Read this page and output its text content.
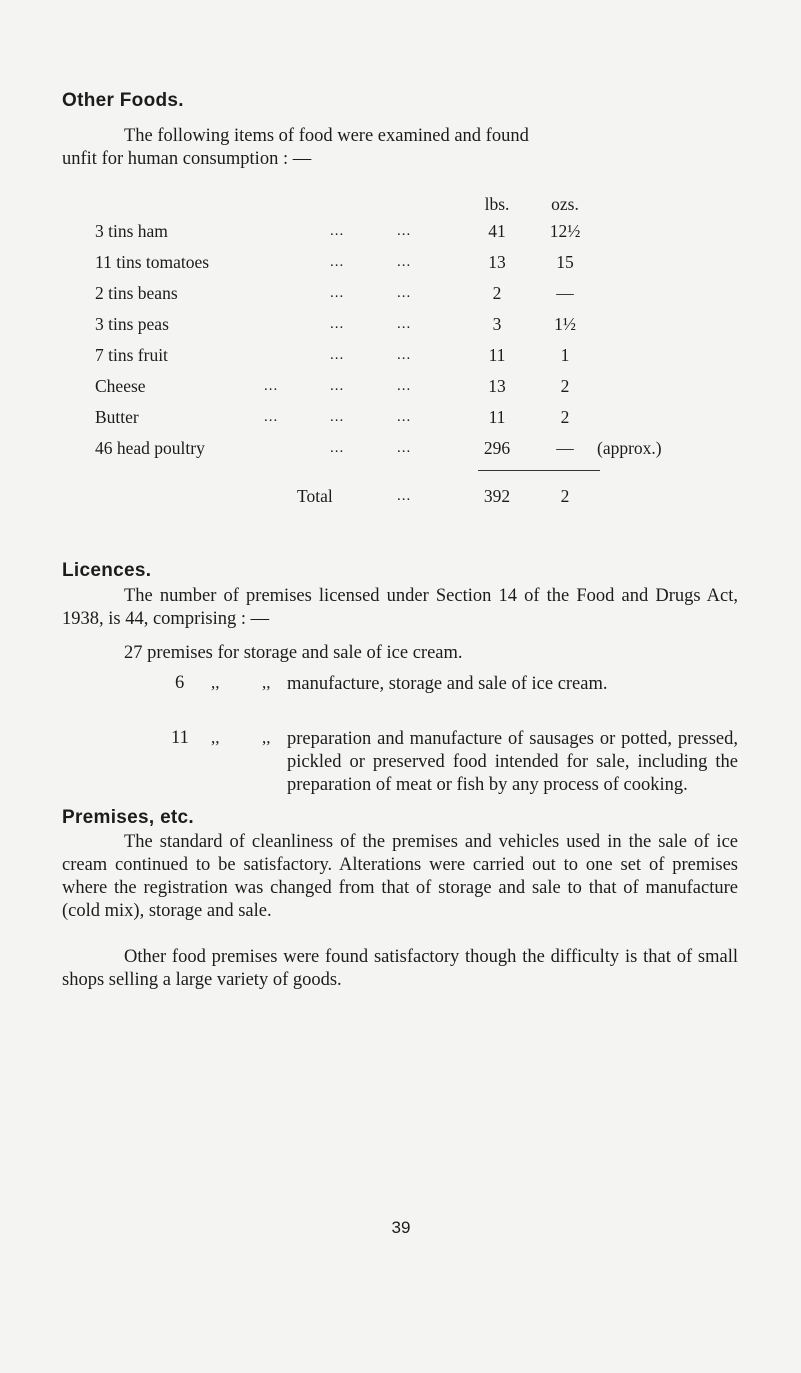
Other Foods.

The following items of food were examined and found

unfit for human consumption : —

lbs.	ozs.
3 tins ham	...	...	41	12½
11 tins tomatoes	...	...	13	15
2 tins beans	...	...	2	—
3 tins peas	...	...	3	1½
7 tins fruit	...	...	11	1
Cheese	...	...	...	13	2
Butter	...	...	...	11	2
46 head poultry	...	...	296	—	(approx.)
Total	...	392	2
Licences.

The number of premises licensed under Section 14 of the Food and Drugs Act, 1938, is 44, comprising : —

27 premises for storage and sale of ice cream.

6 ,,	,, manufacture, storage and sale of ice cream.

11 ,,	,, preparation and manufacture of sausages or potted, pressed, pickled or preserved food intended for sale, including the preparation of meat or fish by any process of cooking.

Premises, etc.

The standard of cleanliness of the premises and vehicles used in the sale of ice cream continued to be satisfactory. Alterations were carried out to one set of premises where the registration was changed from that of storage and sale to that of manufacture (cold mix), storage and sale.

Other food premises were found satisfactory though the difficulty is that of small shops selling a large variety of goods.

39
